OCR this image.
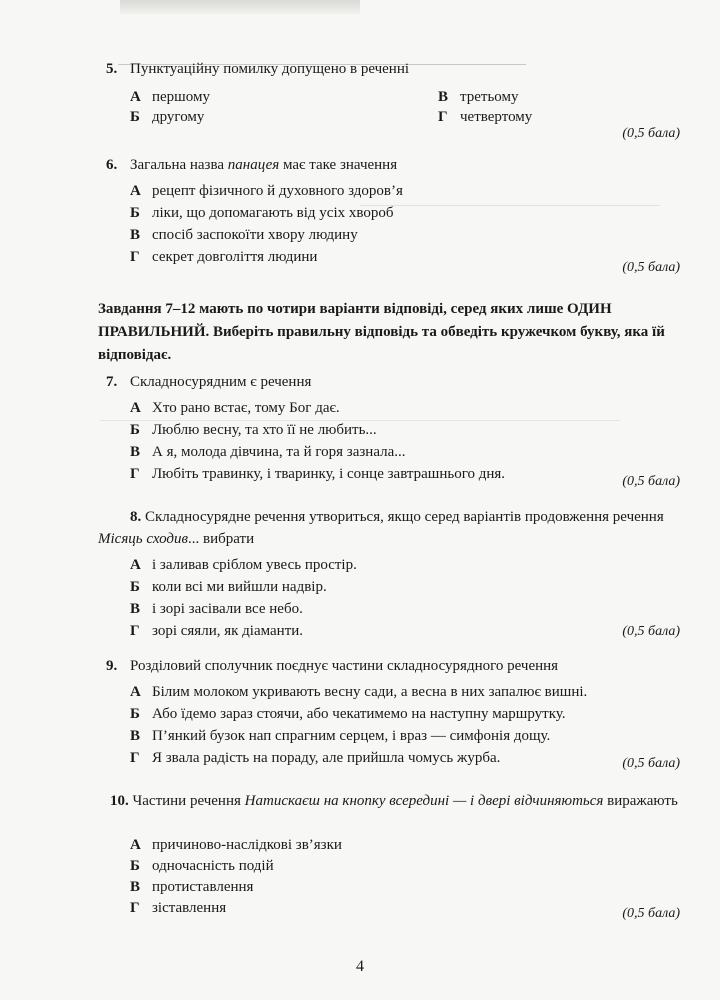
5. Пунктуаційну помилку допущено в реченні
А першому
Б другому
В третьому
Г четвертому
(0,5 бала)
6. Загальна назва панацея має таке значення
А рецепт фізичного й духовного здоров’я
Б ліки, що допомагають від усіх хвороб
В спосіб заспокоїти хвору людину
Г секрет довголіття людини
(0,5 бала)
Завдання 7–12 мають по чотири варіанти відповіді, серед яких лише ОДИН ПРАВИЛЬНИЙ. Виберіть правильну відповідь та обведіть кружечком букву, яка їй відповідає.
7. Складносурядним є речення
А Хто рано встає, тому Бог дає.
Б Люблю весну, та хто її не любить...
В А я, молода дівчина, та й горя зазнала...
Г Любіть травинку, і тваринку, і сонце завтрашнього дня.	(0,5 бала)
8. Складносурядне речення утвориться, якщо серед варіантів продовження речення Місяць сходив... вибрати
А і заливав сріблом увесь простір.
Б коли всі ми вийшли надвір.
В і зорі засівали все небо.
Г зорі сяяли, як діаманти.	(0,5 бала)
9. Розділовий сполучник поєднує частини складносурядного речення
А Білим молоком укривають весну сади, а весна в них запалює вишні.
Б Або їдемо зараз стоячи, або чекатимемо на наступну маршрутку.
В П’янкий бузок нап спрагним серцем, і враз — симфонія дощу.
Г Я звала радість на пораду, але прийшла чомусь журба.	(0,5 бала)
10. Частини речення Натискаєш на кнопку всередині — і двері відчиняються виражають
А причиново-наслідкові зв’язки
Б одночасність подій
В протиставлення
Г зіставлення	(0,5 бала)
4
